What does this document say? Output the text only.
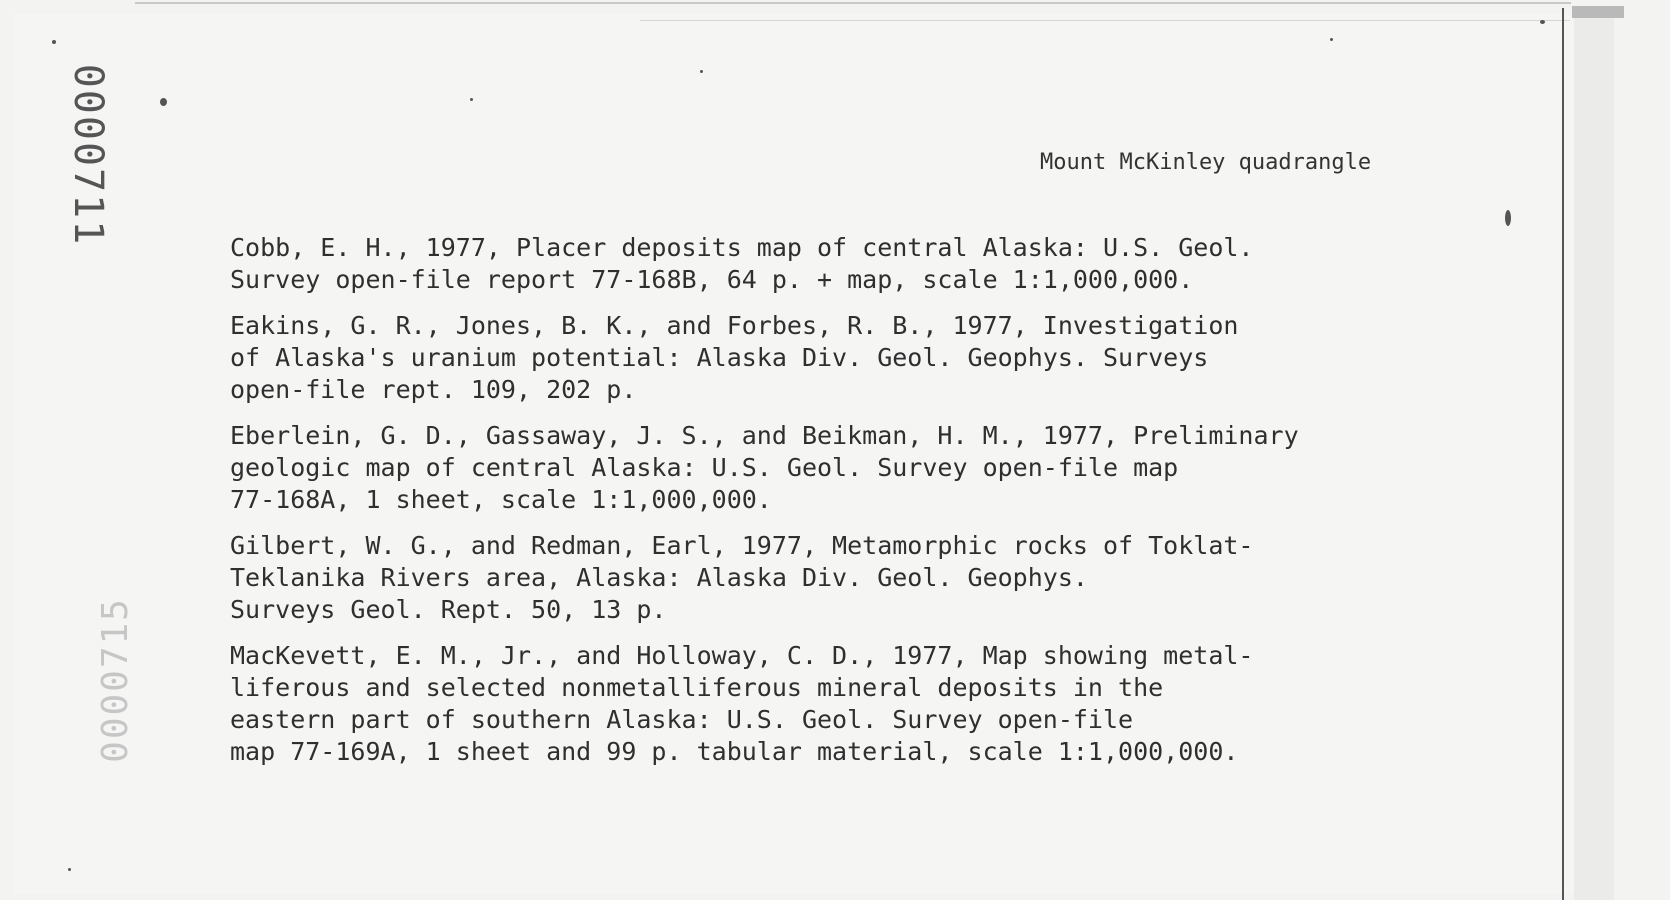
0000711
0000715
Mount McKinley quadrangle
Cobb, E. H., 1977, Placer deposits map of central Alaska: U.S. Geol.
Survey open-file report 77-168B, 64 p. + map, scale 1:1,000,000.
Eakins, G. R., Jones, B. K., and Forbes, R. B., 1977, Investigation
of Alaska's uranium potential: Alaska Div. Geol. Geophys. Surveys
open-file rept. 109, 202 p.
Eberlein, G. D., Gassaway, J. S., and Beikman, H. M., 1977, Preliminary
geologic map of central Alaska: U.S. Geol. Survey open-file map
77-168A, 1 sheet, scale 1:1,000,000.
Gilbert, W. G., and Redman, Earl, 1977, Metamorphic rocks of Toklat-
Teklanika Rivers area, Alaska: Alaska Div. Geol. Geophys.
Surveys Geol. Rept. 50, 13 p.
MacKevett, E. M., Jr., and Holloway, C. D., 1977, Map showing metal-
liferous and selected nonmetalliferous mineral deposits in the
eastern part of southern Alaska: U.S. Geol. Survey open-file
map 77-169A, 1 sheet and 99 p. tabular material, scale 1:1,000,000.
